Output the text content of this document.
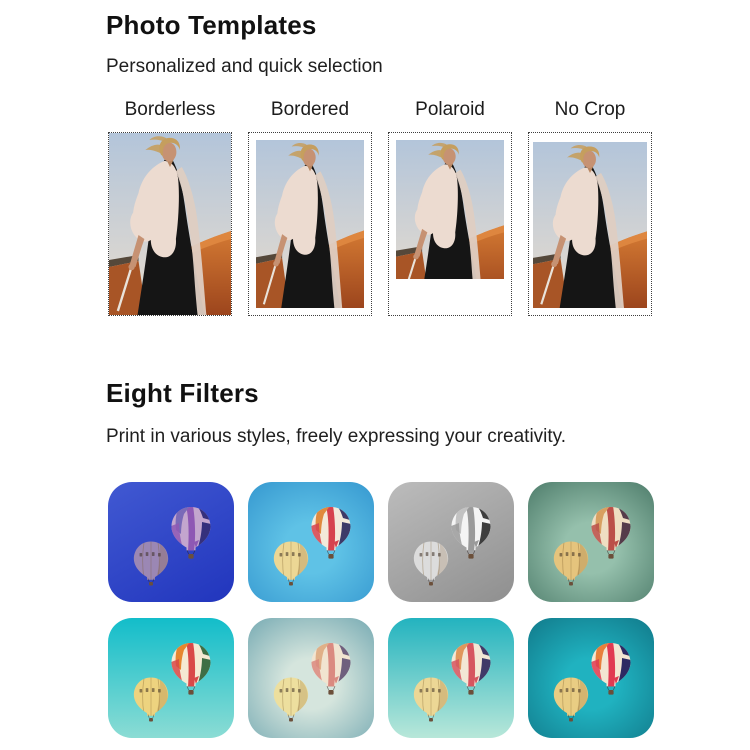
Photo Templates

Personalized and quick selection

Borderless	Bordered	Polaroid	No Crop
Eight Filters

Print in various styles, freely expressing your creativity.
